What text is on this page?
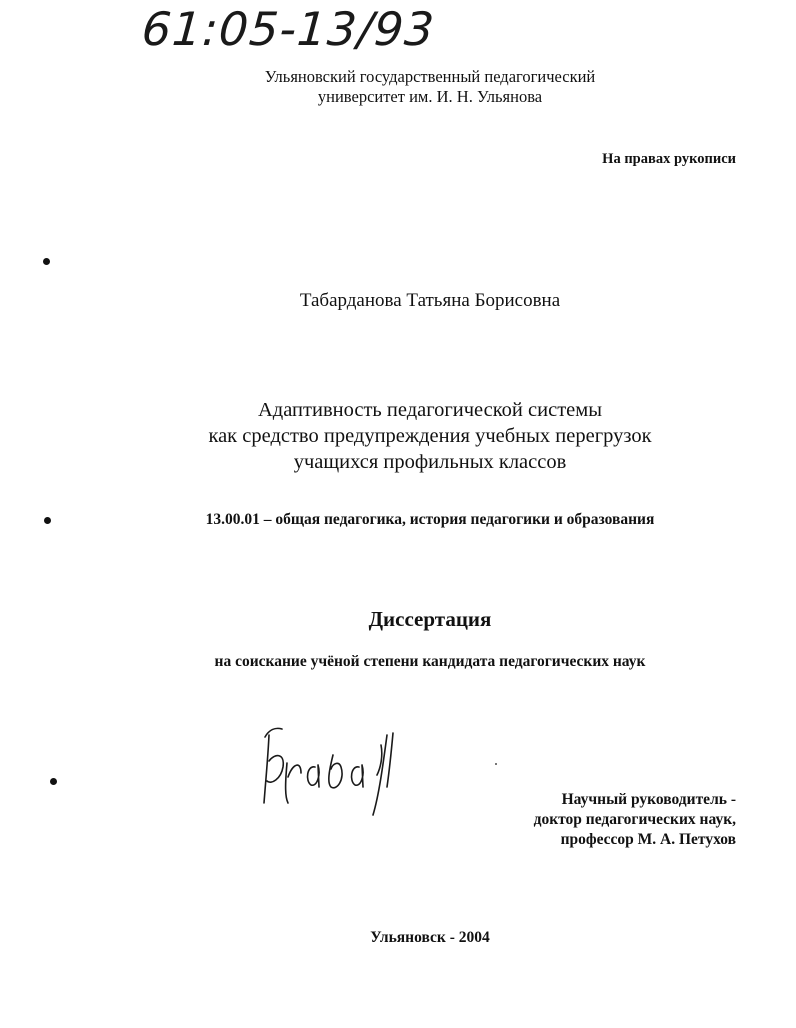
61:05-13/93
Ульяновский государственный педагогический
университет им. И. Н. Ульянова
На правах рукописи
Табарданова Татьяна Борисовна
Адаптивность педагогической системы
как средство предупреждения учебных перегрузок
учащихся профильных классов
13.00.01 – общая педагогика, история педагогики и образования
Диссертация
на соискание учёной степени кандидата педагогических наук
Научный руководитель -
доктор педагогических наук,
профессор М. А. Петухов
Ульяновск - 2004
